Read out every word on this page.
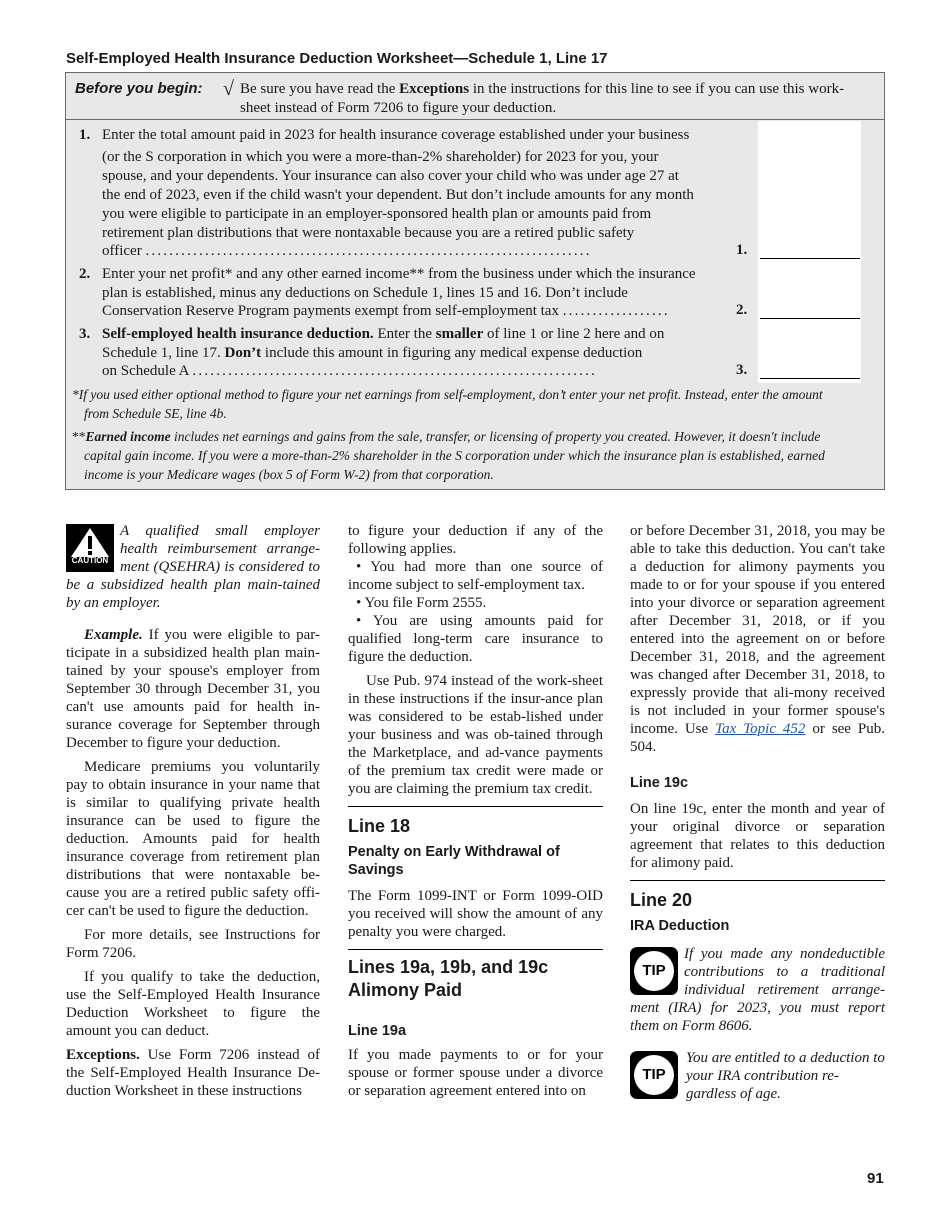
Self-Employed Health Insurance Deduction Worksheet—Schedule 1, Line 17
Before you begin: √ Be sure you have read the Exceptions in the instructions for this line to see if you can use this work-
sheet instead of Form 7206 to figure your deduction.
1. Enter the total amount paid in 2023 for health insurance coverage established under your business
(or the S corporation in which you were a more-than-2% shareholder) for 2023 for you, your
spouse, and your dependents. Your insurance can also cover your child who was under age 27 at
the end of 2023, even if the child wasn't your dependent. But don’t include amounts for any month
you were eligible to participate in an employer-sponsored health plan or amounts paid from
retirement plan distributions that were nontaxable because you are a retired public safety
officer ...........................................................................	1.
2. Enter your net profit* and any other earned income** from the business under which the insurance
plan is established, minus any deductions on Schedule 1, lines 15 and 16. Don’t include
Conservation Reserve Program payments exempt from self-employment tax ..................	2.
3. Self-employed health insurance deduction. Enter the smaller of line 1 or line 2 here and on
Schedule 1, line 17. Don’t include this amount in figuring any medical expense deduction
on Schedule A ....................................................................	3.
*If you used either optional method to figure your net earnings from self-employment, don’t enter your net profit. Instead, enter the amount
from Schedule SE, line 4b.
**Earned income includes net earnings and gains from the sale, transfer, or licensing of property you created. However, it doesn't include
capital gain income. If you were a more-than-2% shareholder in the S corporation under which the insurance plan is established, earned
income is your Medicare wages (box 5 of Form W-2) from that corporation.
CAUTION

A qualified small employer health reimbursement arrange-ment (QSEHRA) is considered to be a subsidized health plan main-tained by an employer.

Example. If you were eligible to par-ticipate in a subsidized health plan main-tained by your spouse's employer from September 30 through December 31, you can't use amounts paid for health in-surance coverage for September through December to figure your deduction.

Medicare premiums you voluntarily pay to obtain insurance in your name that is similar to qualifying private health insurance can be used to figure the deduction. Amounts paid for health insurance coverage from retirement plan distributions that were nontaxable be-cause you are a retired public safety offi-cer can't be used to figure the deduction.

For more details, see Instructions for Form 7206.

If you qualify to take the deduction, use the Self-Employed Health Insurance Deduction Worksheet to figure the amount you can deduct.

Exceptions. Use Form 7206 instead of the Self-Employed Health Insurance De-duction Worksheet in these instructions

to figure your deduction if any of the following applies.

• You had more than one source of income subject to self-employment tax.

• You file Form 2555.

• You are using amounts paid for qualified long-term care insurance to figure the deduction.

Use Pub. 974 instead of the work-sheet in these instructions if the insur-ance plan was considered to be estab-lished under your business and was ob-tained through the Marketplace, and ad-vance payments of the premium tax credit were made or you are claiming the premium tax credit.

Line 18
Penalty on Early Withdrawal of Savings

The Form 1099-INT or Form 1099-OID you received will show the amount of any penalty you were charged.

Lines 19a, 19b, and 19c Alimony Paid
Line 19a

If you made payments to or for your spouse or former spouse under a divorce or separation agreement entered into on

or before December 31, 2018, you may be able to take this deduction. You can't take a deduction for alimony payments you made to or for your spouse if you entered into your divorce or separation agreement after December 31, 2018, or if you entered into the agreement on or before December 31, 2018, and the agreement was changed after December 31, 2018, to expressly provide that ali-mony received is not included in your former spouse's income. Use Tax Topic 452 or see Pub. 504.

Line 19c

On line 19c, enter the month and year of your original divorce or separation agreement that relates to this deduction for alimony paid.

Line 20
IRA Deduction
TIP

If you made any nondeductible contributions to a traditional individual retirement arrange-ment (IRA) for 2023, you must report them on Form 8606.

TIP

You are entitled to a deduction to your IRA contribution re-gardless of age.

91
